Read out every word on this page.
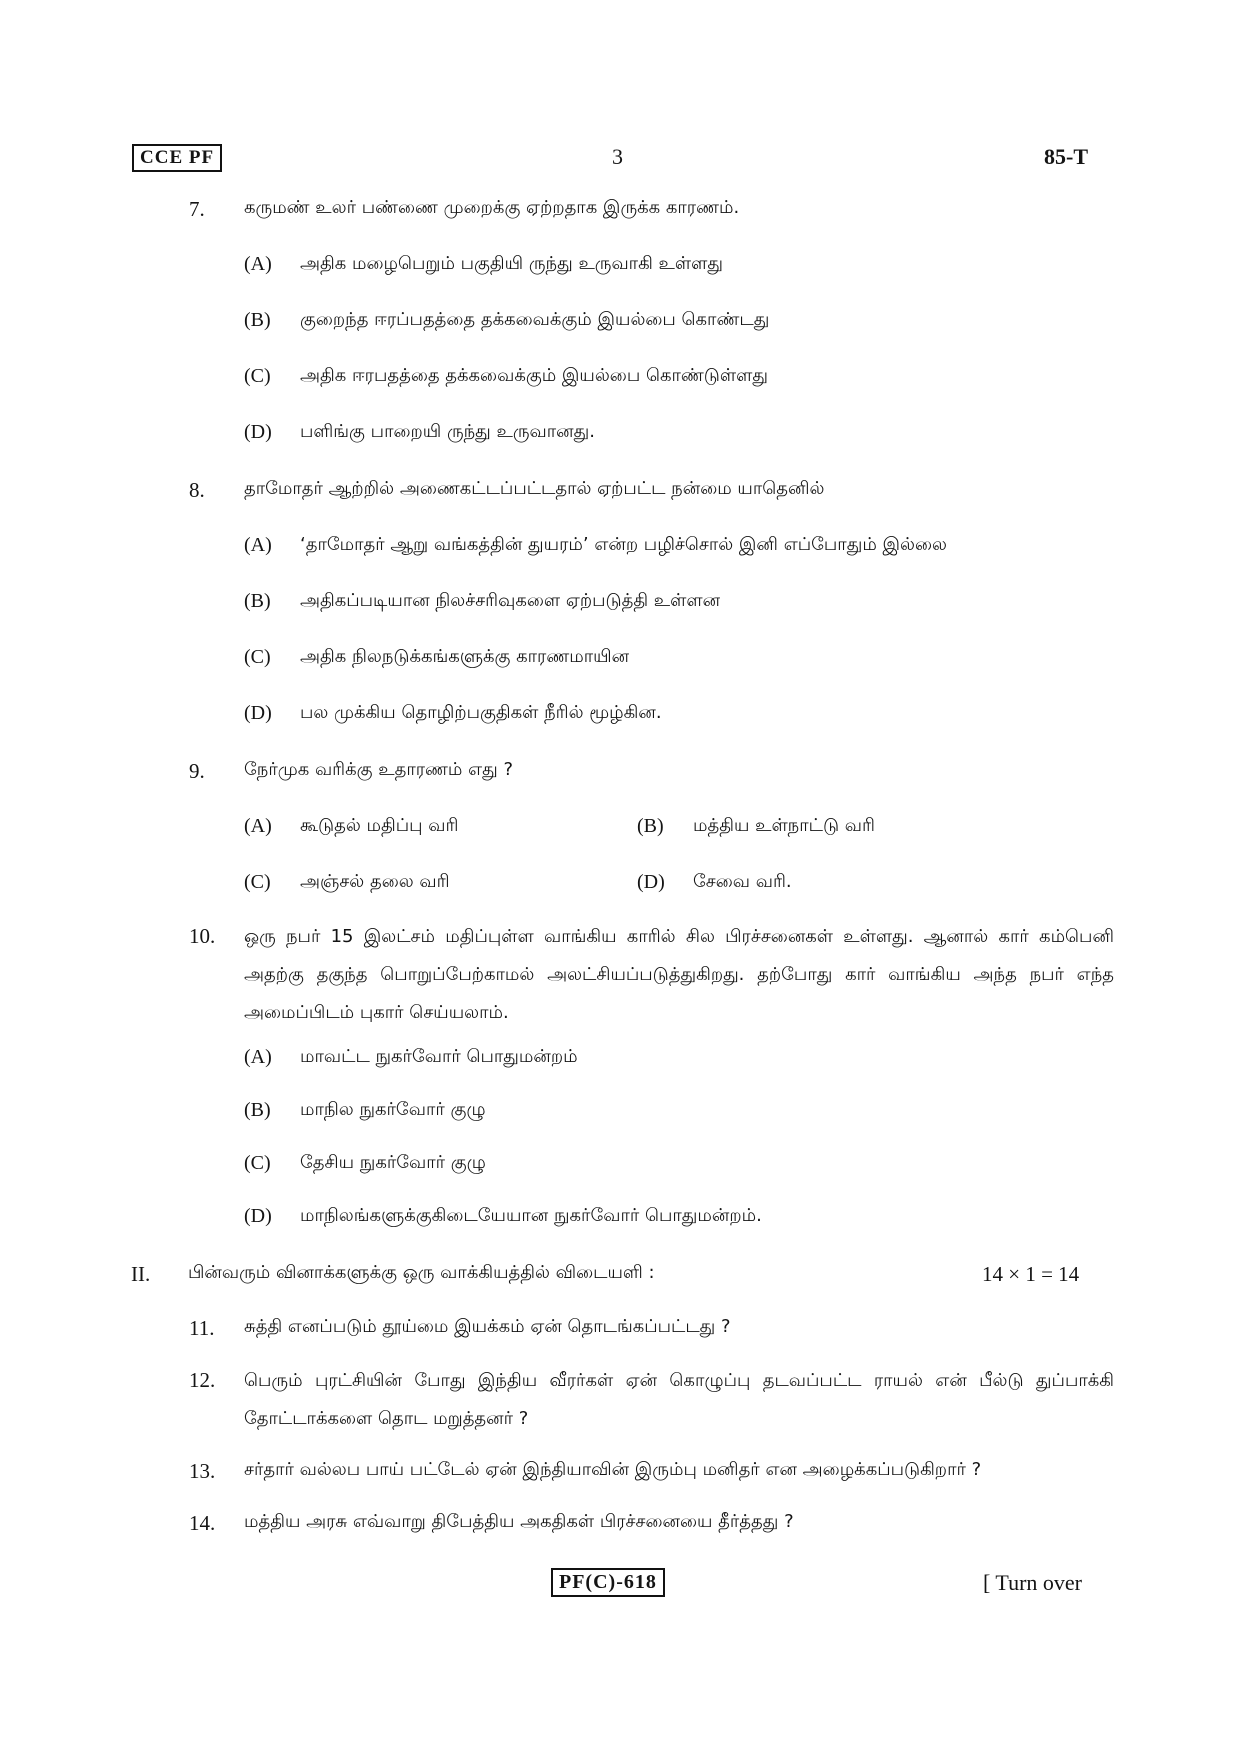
CCE PF	3	85-T
7. கருமண் உலர் பண்ணை முறைக்கு ஏற்றதாக இருக்க காரணம்.
(A) அதிக மழைபெறும் பகுதியி ருந்து உருவாகி உள்ளது
(B) குறைந்த ஈரப்பதத்தை தக்கவைக்கும் இயல்பை கொண்டது
(C) அதிக ஈரபதத்தை தக்கவைக்கும் இயல்பை கொண்டுள்ளது
(D) பளிங்கு பாறையி ருந்து உருவானது.
8. தாமோதர் ஆற்றில் அணைகட்டப்பட்டதால் ஏற்பட்ட நன்மை யாதெனில்
(A) ‘தாமோதர் ஆறு வங்கத்தின் துயரம்’ என்ற பழிச்சொல் இனி எப்போதும் இல்லை
(B) அதிகப்படியான நிலச்சரிவுகளை ஏற்படுத்தி உள்ளன
(C) அதிக நிலநடுக்கங்களுக்கு காரணமாயின
(D) பல முக்கிய தொழிற்பகுதிகள் நீரில் மூழ்கின.
9. நேர்முக வரிக்கு உதாரணம் எது ?
(A) கூடுதல் மதிப்பு வரி	(B) மத்திய உள்நாட்டு வரி
(C) அஞ்சல் தலை வரி	(D) சேவை வரி.
10. ஒரு நபர் 15 இலட்சம் மதிப்புள்ள வாங்கிய காரில் சில பிரச்சனைகள் உள்ளது. ஆனால் கார் கம்பெனி அதற்கு தகுந்த பொறுப்பேற்காமல் அலட்சியப்படுத்துகிறது. தற்போது கார் வாங்கிய அந்த நபர் எந்த அமைப்பிடம் புகார் செய்யலாம்.
(A) மாவட்ட நுகர்வோர் பொதுமன்றம்
(B) மாநில நுகர்வோர் குழு
(C) தேசிய நுகர்வோர் குழு
(D) மாநிலங்களுக்குகிடையேயான நுகர்வோர் பொதுமன்றம்.
II. பின்வரும் வினாக்களுக்கு ஒரு வாக்கியத்தில் விடையளி :	14 × 1 = 14
11. சுத்தி எனப்படும் தூய்மை இயக்கம் ஏன் தொடங்கப்பட்டது ?
12. பெரும் புரட்சியின் போது இந்திய வீரர்கள் ஏன் கொழுப்பு தடவப்பட்ட ராயல் என் பீல்டு துப்பாக்கி தோட்டாக்களை தொட மறுத்தனர் ?
13. சர்தார் வல்லப பாய் பட்டேல் ஏன் இந்தியாவின் இரும்பு மனிதர் என அழைக்கப்படுகிறார் ?
14. மத்திய அரசு எவ்வாறு திபேத்திய அகதிகள் பிரச்சனையை தீர்த்தது ?
PF(C)-618	[ Turn over
